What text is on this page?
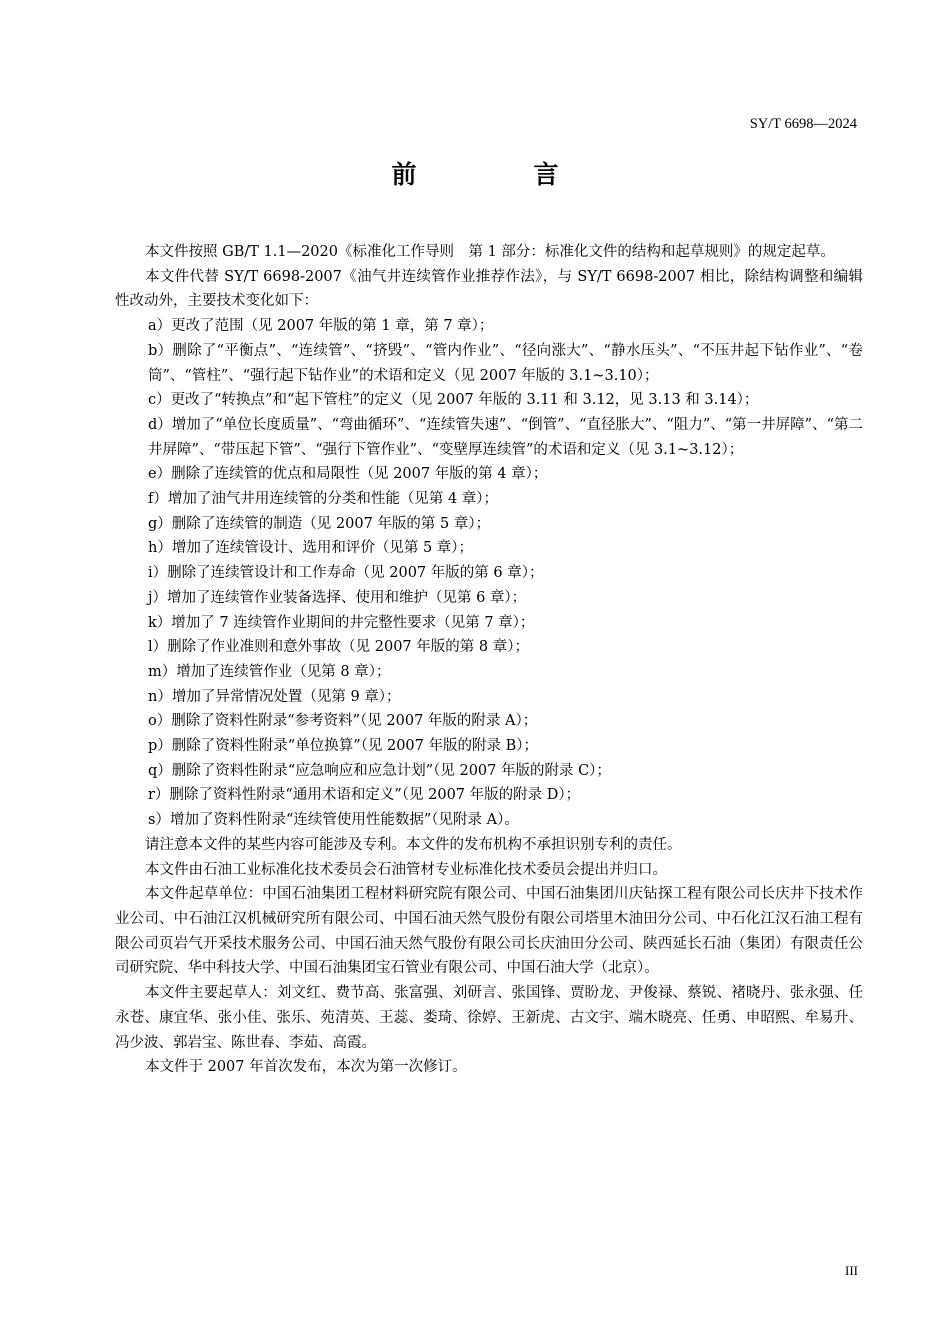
SY/T 6698—2024
前　言

本文件按照 GB/T 1.1—2020《标准化工作导则　第 1 部分：标准化文件的结构和起草规则》的规定起草。

本文件代替 SY/T 6698-2007《油气井连续管作业推荐作法》，与 SY/T 6698-2007 相比，除结构调整和编辑性改动外，主要技术变化如下：

a）更改了范围（见 2007 年版的第 1 章，第 7 章）；

b）删除了“平衡点”、“连续管”、“挤毁”、“管内作业”、“径向涨大”、“静水压头”、“不压井起下钻作业”、“卷筒”、“管柱”、“强行起下钻作业”的术语和定义（见 2007 年版的 3.1~3.10）；

c）更改了“转换点”和“起下管柱”的定义（见 2007 年版的 3.11 和 3.12，见 3.13 和 3.14）；

d）增加了“单位长度质量”、“弯曲循环”、“连续管失速”、“倒管”、“直径胀大”、“阻力”、“第一井屏障”、“第二井屏障”、“带压起下管”、“强行下管作业”、“变壁厚连续管”的术语和定义（见 3.1~3.12）；

e）删除了连续管的优点和局限性（见 2007 年版的第 4 章）；

f）增加了油气井用连续管的分类和性能（见第 4 章）；

g）删除了连续管的制造（见 2007 年版的第 5 章）；

h）增加了连续管设计、选用和评价（见第 5 章）；

i）删除了连续管设计和工作寿命（见 2007 年版的第 6 章）；

j）增加了连续管作业装备选择、使用和维护（见第 6 章）；

k）增加了 7 连续管作业期间的井完整性要求（见第 7 章）；

l）删除了作业准则和意外事故（见 2007 年版的第 8 章）；

m）增加了连续管作业（见第 8 章）；

n）增加了异常情况处置（见第 9 章）；

o）删除了资料性附录“参考资料”（见 2007 年版的附录 A）；

p）删除了资料性附录“单位换算”（见 2007 年版的附录 B）；

q）删除了资料性附录“应急响应和应急计划”（见 2007 年版的附录 C）；

r）删除了资料性附录“通用术语和定义”（见 2007 年版的附录 D）；

s）增加了资料性附录“连续管使用性能数据”（见附录 A）。

请注意本文件的某些内容可能涉及专利。本文件的发布机构不承担识别专利的责任。

本文件由石油工业标准化技术委员会石油管材专业标准化技术委员会提出并归口。

本文件起草单位：中国石油集团工程材料研究院有限公司、中国石油集团川庆钻探工程有限公司长庆井下技术作业公司、中石油江汉机械研究所有限公司、中国石油天然气股份有限公司塔里木油田分公司、中石化江汉石油工程有限公司页岩气开采技术服务公司、中国石油天然气股份有限公司长庆油田分公司、陕西延长石油（集团）有限责任公司研究院、华中科技大学、中国石油集团宝石管业有限公司、中国石油大学（北京）。

本文件主要起草人：刘文红、费节高、张富强、刘研言、张国锋、贾盼龙、尹俊禄、蔡锐、褚晓丹、张永强、任永苍、康宜华、张小佳、张乐、苑清英、王蕊、娄琦、徐婷、王新虎、古文宇、端木晓亮、任勇、申昭熙、牟易升、冯少波、郭岩宝、陈世春、李茹、高霞。

本文件于 2007 年首次发布，本次为第一次修订。

III
